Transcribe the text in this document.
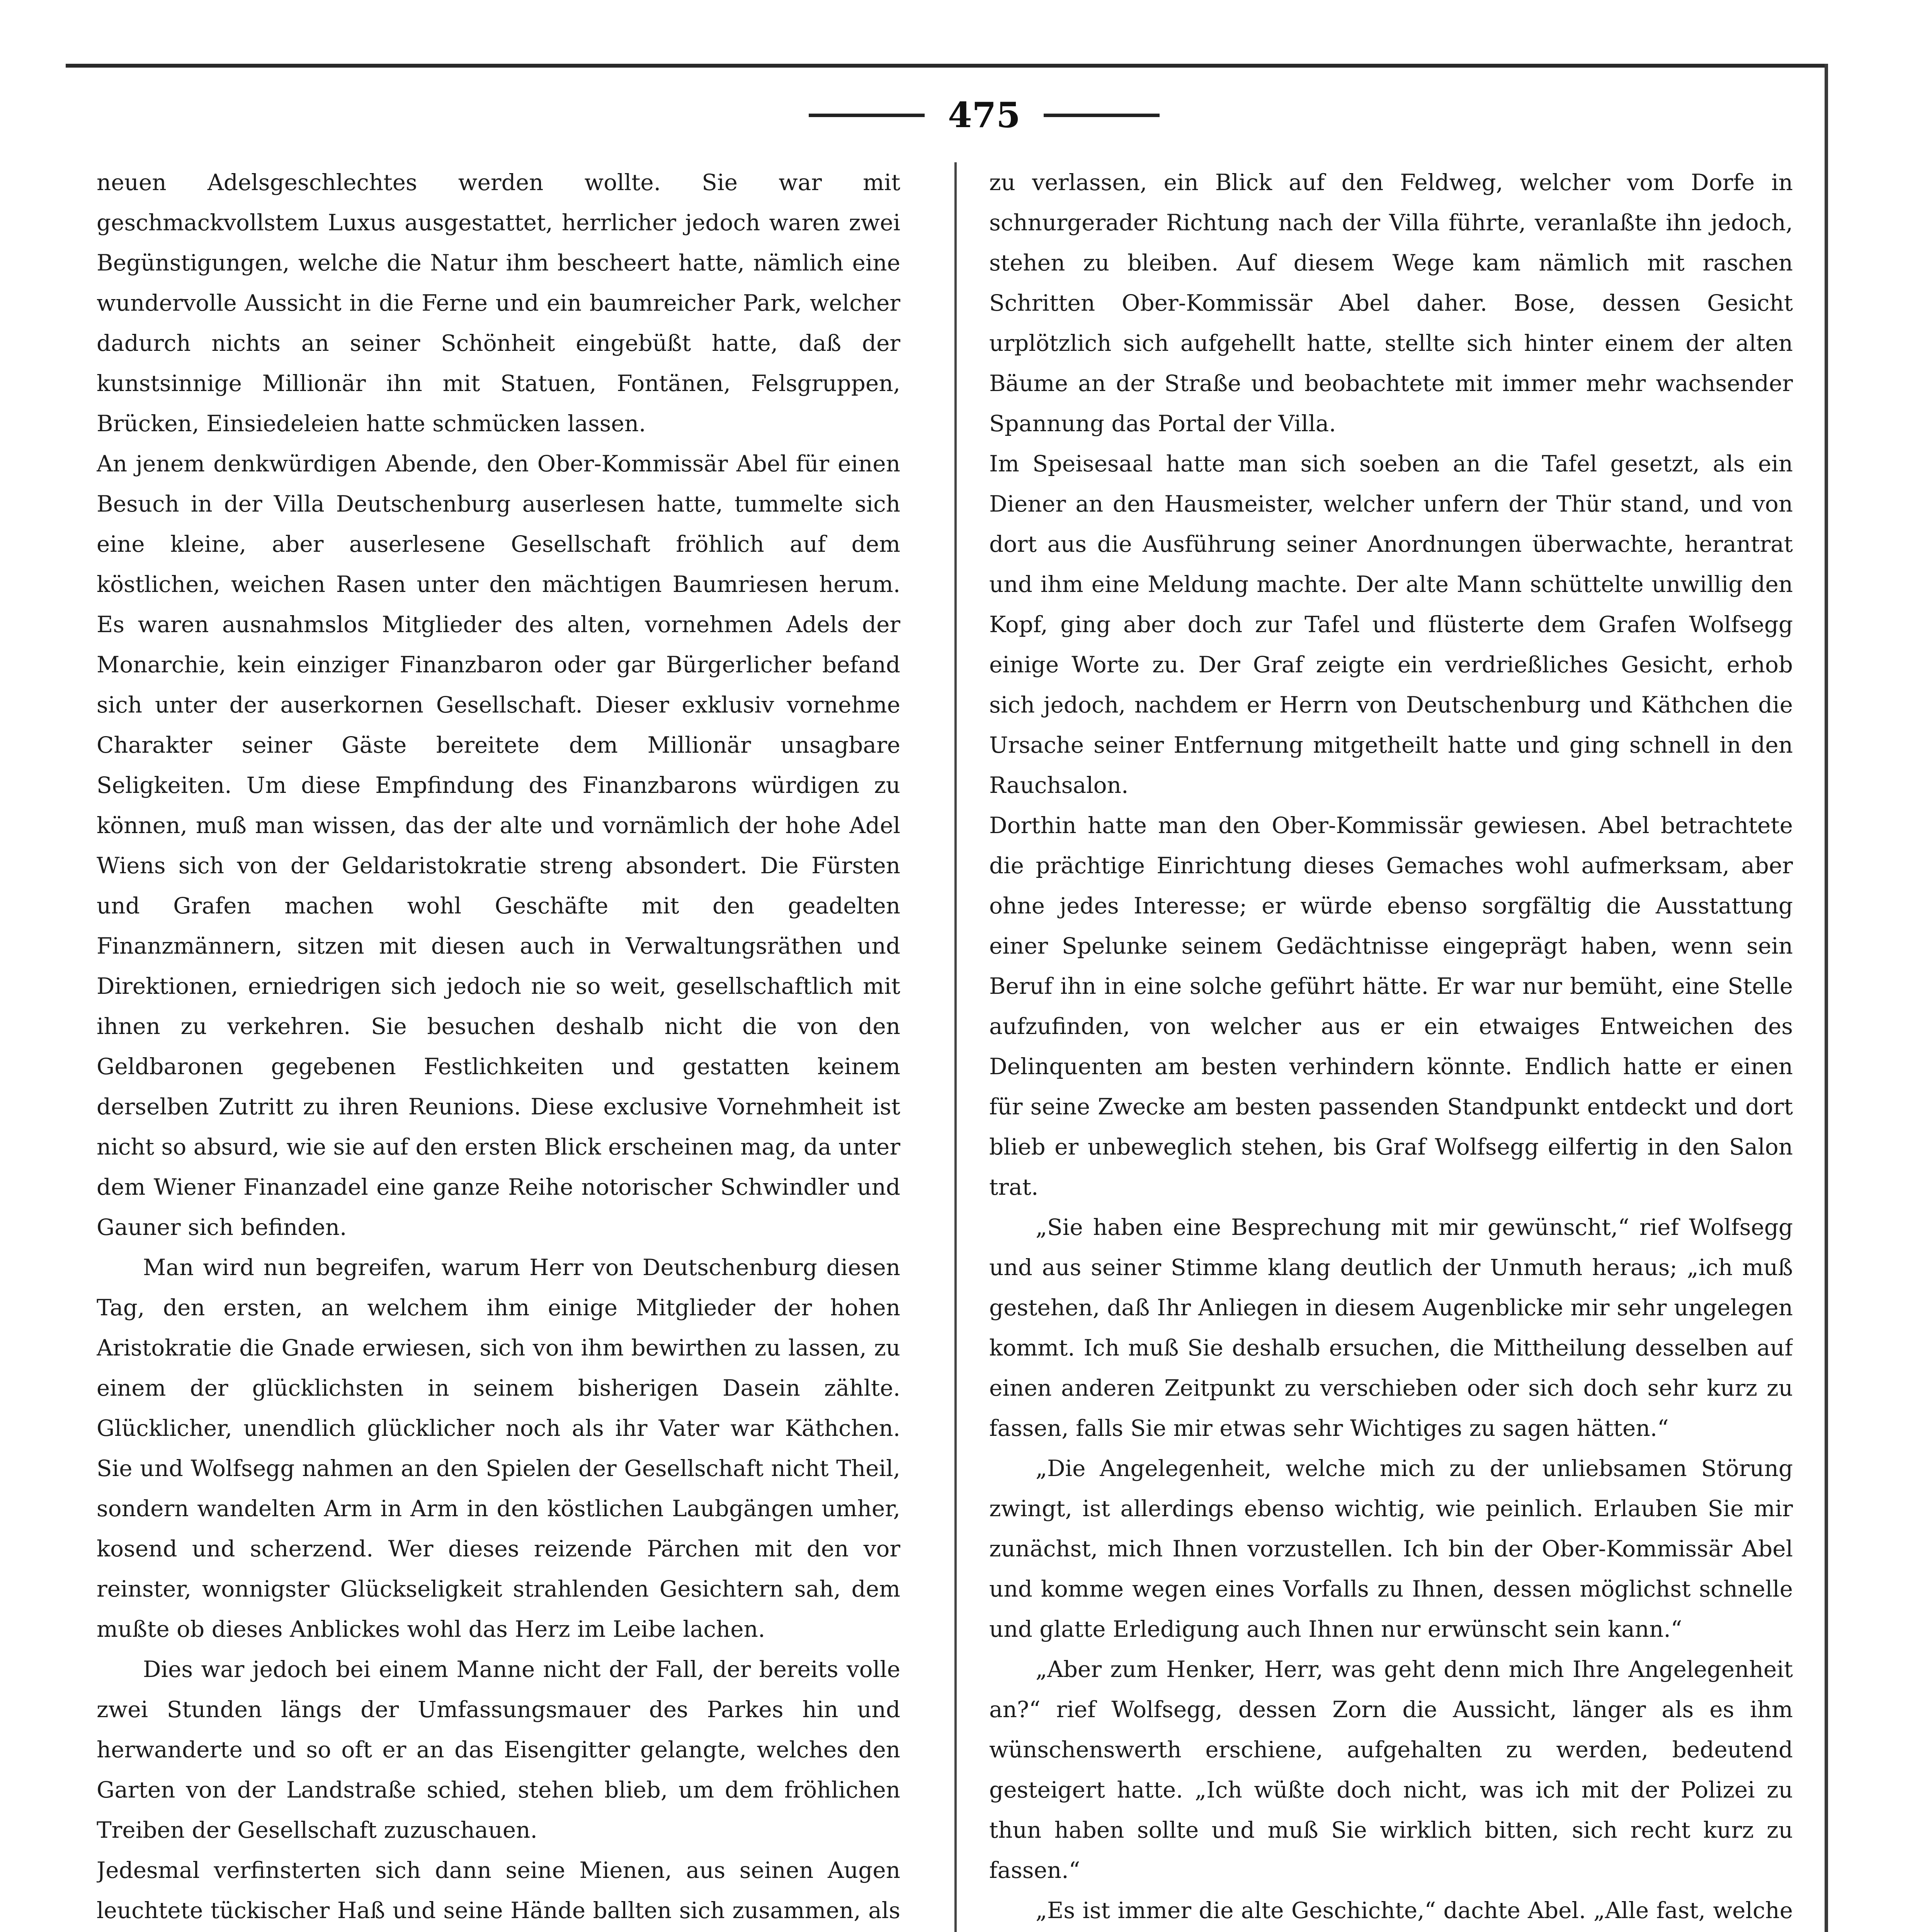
475

neuen Adelsgeschlechtes werden wollte. Sie war mit geschmackvollstem Luxus ausgestattet, herrlicher jedoch waren zwei Begünstigungen, welche die Natur ihm bescheert hatte, nämlich eine wundervolle Aussicht in die Ferne und ein baumreicher Park, welcher dadurch nichts an seiner Schönheit eingebüßt hatte, daß der kunstsinnige Millionär ihn mit Statuen, Fontänen, Felsgruppen, Brücken, Einsiedeleien hatte schmücken lassen.

An jenem denkwürdigen Abende, den Ober-Kommissär Abel für einen Besuch in der Villa Deutschenburg auserlesen hatte, tummelte sich eine kleine, aber auserlesene Gesellschaft fröhlich auf dem köstlichen, weichen Rasen unter den mächtigen Baumriesen herum. Es waren ausnahmslos Mitglieder des alten, vornehmen Adels der Monarchie, kein einziger Finanzbaron oder gar Bürgerlicher befand sich unter der auserkornen Gesellschaft. Dieser exklusiv vornehme Charakter seiner Gäste bereitete dem Millionär unsagbare Seligkeiten. Um diese Empfindung des Finanzbarons würdigen zu können, muß man wissen, das der alte und vornämlich der hohe Adel Wiens sich von der Geldaristokratie streng absondert. Die Fürsten und Grafen machen wohl Geschäfte mit den geadelten Finanzmännern, sitzen mit diesen auch in Verwaltungsräthen und Direktionen, erniedrigen sich jedoch nie so weit, gesellschaftlich mit ihnen zu verkehren. Sie besuchen deshalb nicht die von den Geldbaronen gegebenen Festlichkeiten und gestatten keinem derselben Zutritt zu ihren Reunions. Diese exclusive Vornehmheit ist nicht so absurd, wie sie auf den ersten Blick erscheinen mag, da unter dem Wiener Finanzadel eine ganze Reihe notorischer Schwindler und Gauner sich befinden.

Man wird nun begreifen, warum Herr von Deutschenburg diesen Tag, den ersten, an welchem ihm einige Mitglieder der hohen Aristokratie die Gnade erwiesen, sich von ihm bewirthen zu lassen, zu einem der glücklichsten in seinem bisherigen Dasein zählte. Glücklicher, unendlich glücklicher noch als ihr Vater war Käthchen. Sie und Wolfsegg nahmen an den Spielen der Gesellschaft nicht Theil, sondern wandelten Arm in Arm in den köstlichen Laubgängen umher, kosend und scherzend. Wer dieses reizende Pärchen mit den vor reinster, wonnigster Glückseligkeit strahlenden Gesichtern sah, dem mußte ob dieses Anblickes wohl das Herz im Leibe lachen.

Dies war jedoch bei einem Manne nicht der Fall, der bereits volle zwei Stunden längs der Umfassungsmauer des Parkes hin und herwanderte und so oft er an das Eisengitter gelangte, welches den Garten von der Landstraße schied, stehen blieb, um dem fröhlichen Treiben der Gesellschaft zuzuschauen.

Jedesmal verfinsterten sich dann seine Mienen, aus seinen Augen leuchtete tückischer Haß und seine Hände ballten sich zusammen, als

zu verlassen, ein Blick auf den Feldweg, welcher vom Dorfe in schnurgerader Richtung nach der Villa führte, veranlaßte ihn jedoch, stehen zu bleiben. Auf diesem Wege kam nämlich mit raschen Schritten Ober-Kommissär Abel daher. Bose, dessen Gesicht urplötzlich sich aufgehellt hatte, stellte sich hinter einem der alten Bäume an der Straße und beobachtete mit immer mehr wachsender Spannung das Portal der Villa.

Im Speisesaal hatte man sich soeben an die Tafel gesetzt, als ein Diener an den Hausmeister, welcher unfern der Thür stand, und von dort aus die Ausführung seiner Anordnungen überwachte, herantrat und ihm eine Meldung machte. Der alte Mann schüttelte unwillig den Kopf, ging aber doch zur Tafel und flüsterte dem Grafen Wolfsegg einige Worte zu. Der Graf zeigte ein verdrießliches Gesicht, erhob sich jedoch, nachdem er Herrn von Deutschenburg und Käthchen die Ursache seiner Entfernung mitgetheilt hatte und ging schnell in den Rauchsalon.

Dorthin hatte man den Ober-Kommissär gewiesen. Abel betrachtete die prächtige Einrichtung dieses Gemaches wohl aufmerksam, aber ohne jedes Interesse; er würde ebenso sorgfältig die Ausstattung einer Spelunke seinem Gedächtnisse eingeprägt haben, wenn sein Beruf ihn in eine solche geführt hätte. Er war nur bemüht, eine Stelle aufzufinden, von welcher aus er ein etwaiges Entweichen des Delinquenten am besten verhindern könnte. Endlich hatte er einen für seine Zwecke am besten passenden Standpunkt entdeckt und dort blieb er unbeweglich stehen, bis Graf Wolfsegg eilfertig in den Salon trat.

„Sie haben eine Besprechung mit mir gewünscht,“ rief Wolfsegg und aus seiner Stimme klang deutlich der Unmuth heraus; „ich muß gestehen, daß Ihr Anliegen in diesem Augenblicke mir sehr ungelegen kommt. Ich muß Sie deshalb ersuchen, die Mittheilung desselben auf einen anderen Zeitpunkt zu verschieben oder sich doch sehr kurz zu fassen, falls Sie mir etwas sehr Wichtiges zu sagen hätten.“

„Die Angelegenheit, welche mich zu der unliebsamen Störung zwingt, ist allerdings ebenso wichtig, wie peinlich. Erlauben Sie mir zunächst, mich Ihnen vorzustellen. Ich bin der Ober-Kommissär Abel und komme wegen eines Vorfalls zu Ihnen, dessen möglichst schnelle und glatte Erledigung auch Ihnen nur erwünscht sein kann.“

„Aber zum Henker, Herr, was geht denn mich Ihre Angelegenheit an?“ rief Wolfsegg, dessen Zorn die Aussicht, länger als es ihm wünschenswerth erschiene, aufgehalten zu werden, bedeutend gesteigert hatte. „Ich wüßte doch nicht, was ich mit der Polizei zu thun haben sollte und muß Sie wirklich bitten, sich recht kurz zu fassen.“

„Es ist immer die alte Geschichte,“ dachte Abel. „Alle fast, welche
